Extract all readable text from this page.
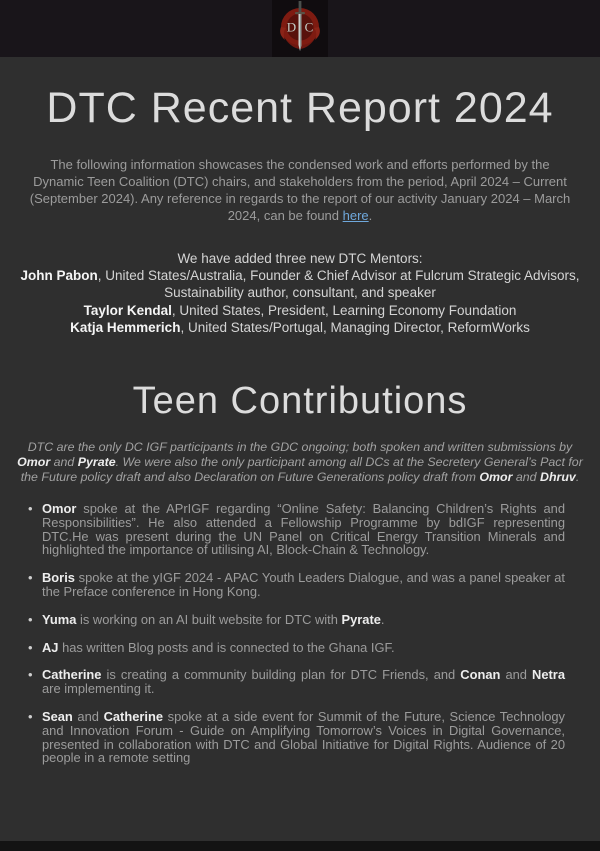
D C
DTC Recent Report 2024

The following information showcases the condensed work and efforts performed by the Dynamic Teen Coalition (DTC) chairs, and stakeholders from the period, April 2024 – Current (September 2024). Any reference in regards to the report of our activity January 2024 – March 2024, can be found here.

We have added three new DTC Mentors:
John Pabon, United States/Australia, Founder & Chief Advisor at Fulcrum Strategic Advisors, Sustainability author, consultant, and speaker
Taylor Kendal, United States, President, Learning Economy Foundation
Katja Hemmerich, United States/Portugal, Managing Director, ReformWorks
Teen Contributions

DTC are the only DC IGF participants in the GDC ongoing; both spoken and written submissions by Omor and Pyrate. We were also the only participant among all DCs at the Secretery General’s Pact for the Future policy draft and also Declaration on Future Generations policy draft from Omor and Dhruv.

• Omor spoke at the APrIGF regarding “Online Safety: Balancing Children’s Rights and Responsibilities”. He also attended a Fellowship Programme by bdIGF representing DTC.He was present during the UN Panel on Critical Energy Transition Minerals and highlighted the importance of utilising AI, Block-Chain & Technology.
• Boris spoke at the yIGF 2024 - APAC Youth Leaders Dialogue, and was a panel speaker at the Preface conference in Hong Kong.
• Yuma is working on an AI built website for DTC with Pyrate.
• AJ has written Blog posts and is connected to the Ghana IGF.
• Catherine is creating a community building plan for DTC Friends, and Conan and Netra are implementing it.
• Sean and Catherine spoke at a side event for Summit of the Future, Science Technology and Innovation Forum - Guide on Amplifying Tomorrow’s Voices in Digital Governance, presented in collaboration with DTC and Global Initiative for Digital Rights. Audience of 20 people in a remote setting
